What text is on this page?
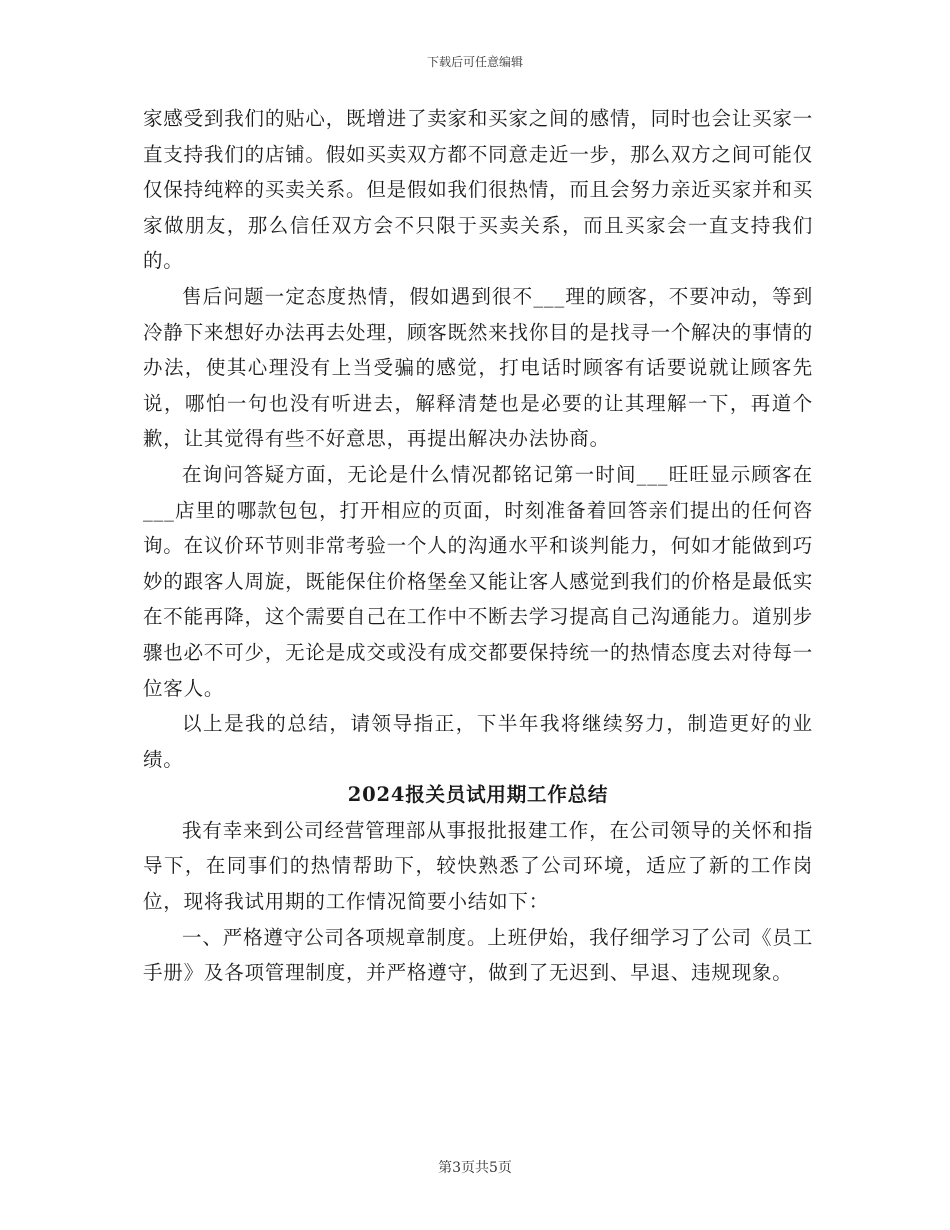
下载后可任意编辑

家感受到我们的贴心，既增进了卖家和买家之间的感情，同时也会让买家一直支持我们的店铺。假如买卖双方都不同意走近一步，那么双方之间可能仅仅保持纯粹的买卖关系。但是假如我们很热情，而且会努力亲近买家并和买家做朋友，那么信任双方会不只限于买卖关系，而且买家会一直支持我们的。

售后问题一定态度热情，假如遇到很不___理的顾客，不要冲动，等到冷静下来想好办法再去处理，顾客既然来找你目的是找寻一个解决的事情的办法，使其心理没有上当受骗的感觉，打电话时顾客有话要说就让顾客先说，哪怕一句也没有听进去，解释清楚也是必要的让其理解一下，再道个歉，让其觉得有些不好意思，再提出解决办法协商。

在询问答疑方面，无论是什么情况都铭记第一时间___旺旺显示顾客在___店里的哪款包包，打开相应的页面，时刻准备着回答亲们提出的任何咨询。在议价环节则非常考验一个人的沟通水平和谈判能力，何如才能做到巧妙的跟客人周旋，既能保住价格堡垒又能让客人感觉到我们的价格是最低实在不能再降，这个需要自己在工作中不断去学习提高自己沟通能力。道别步骤也必不可少，无论是成交或没有成交都要保持统一的热情态度去对待每一位客人。

以上是我的总结，请领导指正，下半年我将继续努力，制造更好的业绩。

2024报关员试用期工作总结

我有幸来到公司经营管理部从事报批报建工作，在公司领导的关怀和指导下，在同事们的热情帮助下，较快熟悉了公司环境，适应了新的工作岗位，现将我试用期的工作情况简要小结如下：

一、严格遵守公司各项规章制度。上班伊始，我仔细学习了公司《员工手册》及各项管理制度，并严格遵守，做到了无迟到、早退、违规现象。

第3页共5页
